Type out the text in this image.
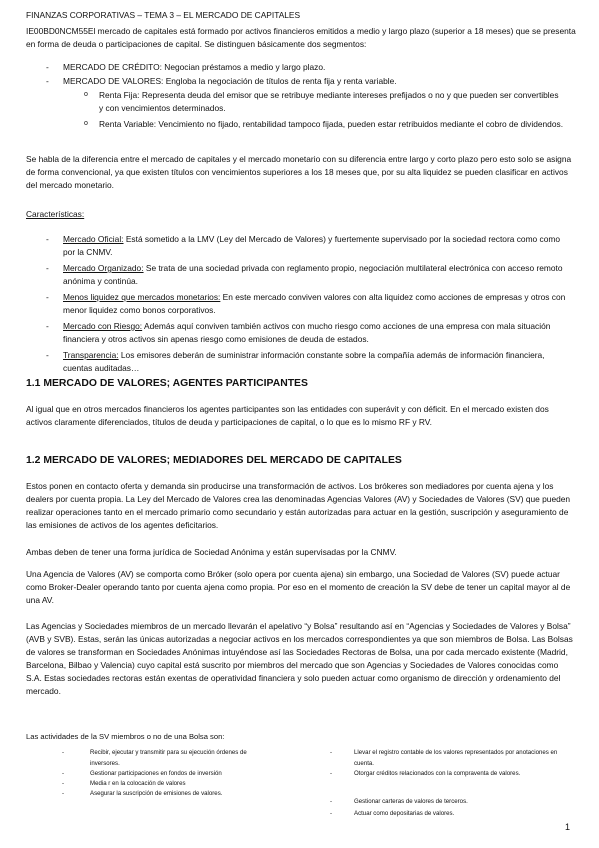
FINANZAS CORPORATIVAS – TEMA 3 – EL MERCADO DE CAPITALES

IE00BD0NCM55El mercado de capitales está formado por activos financieros emitidos a medio y largo plazo (superior a 18 meses) que se presenta en forma de deuda o participaciones de capital. Se distinguen básicamente dos segmentos:

- MERCADO DE CRÉDITO: Negocian préstamos a medio y largo plazo.

- MERCADO DE VALORES: Engloba la negociación de títulos de renta fija y renta variable.

o Renta Fija: Representa deuda del emisor que se retribuye mediante intereses prefijados o no y que pueden ser convertibles y con vencimientos determinados.

o Renta Variable: Vencimiento no fijado, rentabilidad tampoco fijada, pueden estar retribuidos mediante el cobro de dividendos.

Se habla de la diferencia entre el mercado de capitales y el mercado monetario con su diferencia entre largo y corto plazo pero esto solo se asigna de forma convencional, ya que existen títulos con vencimientos superiores a los 18 meses que, por su alta liquidez se pueden clasificar en activos del mercado monetario.

Características:

- Mercado Oficial: Está sometido a la LMV (Ley del Mercado de Valores) y fuertemente supervisado por la sociedad rectora como como por la CNMV.

- Mercado Organizado: Se trata de una sociedad privada con reglamento propio, negociación multilateral electrónica con acceso remoto anónima y continúa.

- Menos liquidez que mercados monetarios: En este mercado conviven valores con alta liquidez como acciones de empresas y otros con menor liquidez como bonos corporativos.

- Mercado con Riesgo: Además aquí conviven también activos con mucho riesgo como acciones de una empresa con mala situación financiera y otros activos sin apenas riesgo como emisiones de deuda de estados.

- Transparencia: Los emisores deberán de suministrar información constante sobre la compañía además de información financiera, cuentas auditadas…

1.1 MERCADO DE VALORES; AGENTES PARTICIPANTES

Al igual que en otros mercados financieros los agentes participantes son las entidades con superávit y con déficit. En el mercado existen dos activos claramente diferenciados, títulos de deuda y participaciones de capital, o lo que es lo mismo RF y RV.

1.2 MERCADO DE VALORES; MEDIADORES DEL MERCADO DE CAPITALES

Estos ponen en contacto oferta y demanda sin producirse una transformación de activos. Los brókeres son mediadores por cuenta ajena y los dealers por cuenta propia. La Ley del Mercado de Valores crea las denominadas Agencias Valores (AV) y Sociedades de Valores (SV) que pueden realizar operaciones tanto en el mercado primario como secundario y están autorizadas para actuar en la gestión, suscripción y aseguramiento de las emisiones de activos de los agentes deficitarios.

Ambas deben de tener una forma jurídica de Sociedad Anónima y están supervisadas por la CNMV.

Una Agencia de Valores (AV) se comporta como Bróker (solo opera por cuenta ajena) sin embargo, una Sociedad de Valores (SV) puede actuar como Broker-Dealer operando tanto por cuenta ajena como propia. Por eso en el momento de creación la SV debe de tener un capital mayor al de una AV.

Las Agencias y Sociedades miembros de un mercado llevarán el apelativo “y Bolsa” resultando así en “Agencias y Sociedades de Valores y Bolsa” (AVB y SVB). Estas, serán las únicas autorizadas a negociar activos en los mercados correspondientes ya que son miembros de Bolsa. Las Bolsas de valores se transforman en Sociedades Anónimas intuyéndose así las Sociedades Rectoras de Bolsa, una por cada mercado existente (Madrid, Barcelona, Bilbao y Valencia) cuyo capital está suscrito por miembros del mercado que son Agencias y Sociedades de Valores conocidas como S.A. Estas sociedades rectoras están exentas de operatividad financiera y solo pueden actuar como organismo de dirección y ordenamiento del mercado.

Las actividades de la SV miembros o no de una Bolsa son:

-	Recibir, ejecutar y transmitir para su ejecución órdenes de inversores.

-	Gestionar participaciones en fondos de inversión

-	Media r en la colocación de valores

-	Asegurar la suscripción de emisiones de valores.

-	Llevar el registro contable de los valores representados por anotaciones en cuenta.

-	Otorgar créditos relacionados con la compraventa de valores.

-	Gestionar carteras de valores de terceros.

-	Actuar como depositarias de valores.

1
